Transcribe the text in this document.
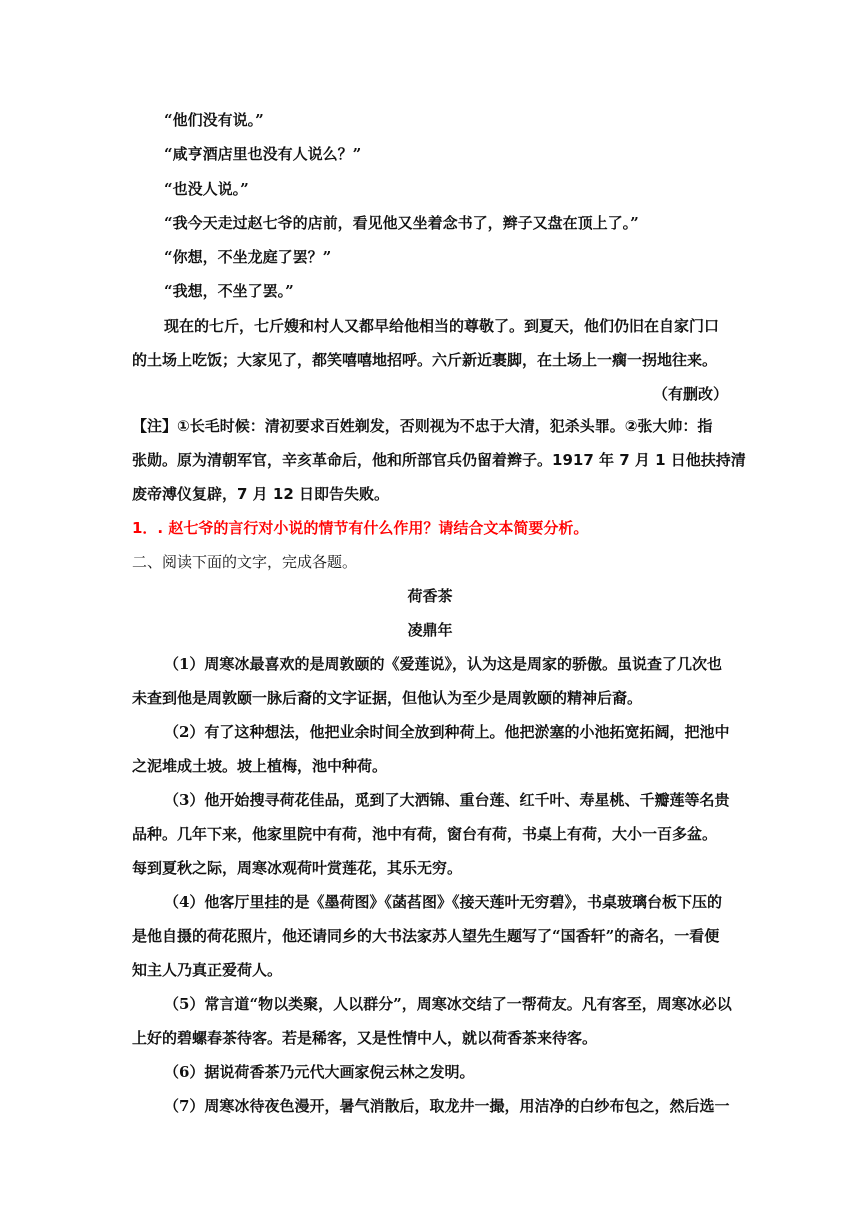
“他们没有说。”
“咸亨酒店里也没有人说么？”
“也没人说。”
“我今天走过赵七爷的店前，看见他又坐着念书了，辫子又盘在顶上了。”
“你想，不坐龙庭了罢？”
“我想，不坐了罢。”
现在的七斤，七斤嫂和村人又都早给他相当的尊敬了。到夏天，他们仍旧在自家门口
的土场上吃饭；大家见了，都笑嘻嘻地招呼。六斤新近裹脚，在土场上一瘸一拐地往来。
（有删改）
【注】①长毛时候：清初要求百姓剃发，否则视为不忠于大清，犯杀头罪。②张大帅：指
张勋。原为清朝军官，辛亥革命后，他和所部官兵仍留着辫子。1917 年 7 月 1 日他扶持清
废帝溥仪复辟，7 月 12 日即告失败。
1．. 赵七爷的言行对小说的情节有什么作用？请结合文本简要分析。
二、阅读下面的文字，完成各题。
荷香茶
凌鼎年
（1）周寒冰最喜欢的是周敦颐的《爱莲说》，认为这是周家的骄傲。虽说查了几次也
未查到他是周敦颐一脉后裔的文字证据，但他认为至少是周敦颐的精神后裔。
（2）有了这种想法，他把业余时间全放到种荷上。他把淤塞的小池拓宽拓阔，把池中
之泥堆成土坡。坡上植梅，池中种荷。
（3）他开始搜寻荷花佳品，觅到了大洒锦、重台莲、红千叶、寿星桃、千瓣莲等名贵
品种。几年下来，他家里院中有荷，池中有荷，窗台有荷，书桌上有荷，大小一百多盆。
每到夏秋之际，周寒冰观荷叶赏莲花，其乐无穷。
（4）他客厅里挂的是《墨荷图》《菡萏图》《接天莲叶无穷碧》，书桌玻璃台板下压的
是他自摄的荷花照片，他还请同乡的大书法家苏人望先生题写了“国香轩”的斋名，一看便
知主人乃真正爱荷人。
（5）常言道“物以类聚，人以群分”，周寒冰交结了一帮荷友。凡有客至，周寒冰必以
上好的碧螺春茶待客。若是稀客，又是性情中人，就以荷香茶来待客。
（6）据说荷香茶乃元代大画家倪云林之发明。
（7）周寒冰待夜色漫开，暑气消散后，取龙井一撮，用洁净的白纱布包之，然后选一
